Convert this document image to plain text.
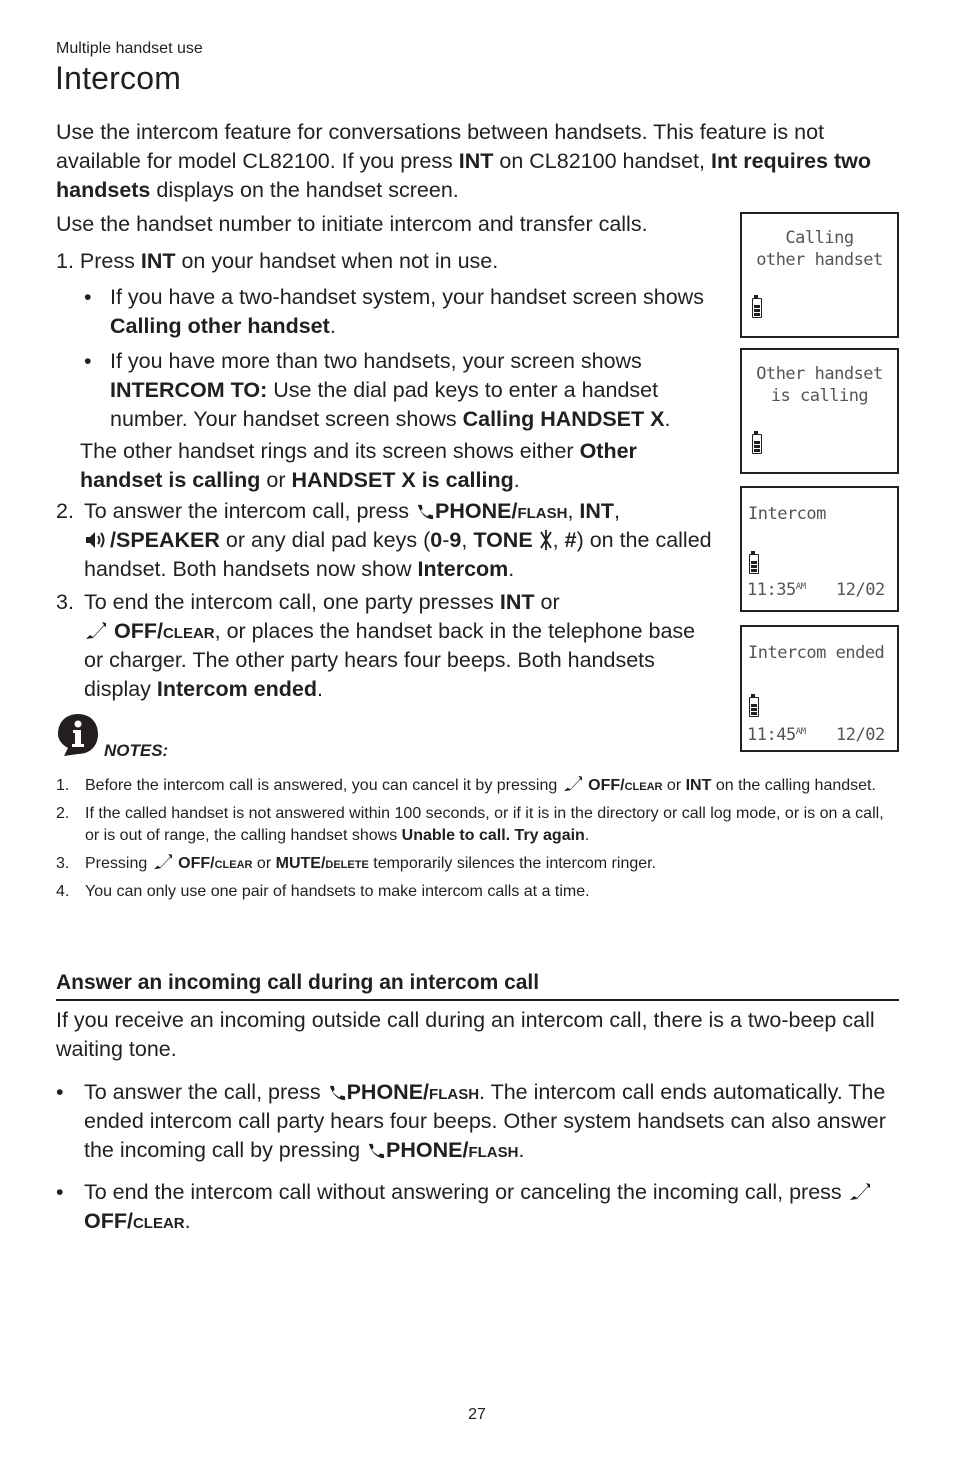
Multiple handset use
Intercom
Use the intercom feature for conversations between handsets. This feature is not available for model CL82100. If you press INT on CL82100 handset, Int requires two handsets displays on the handset screen.
Use the handset number to initiate intercom and transfer calls.
1. Press INT on your handset when not in use.
• If you have a two-handset system, your handset screen shows Calling other handset.
• If you have more than two handsets, your screen shows INTERCOM TO: Use the dial pad keys to enter a handset number. Your handset screen shows Calling HANDSET X.
The other handset rings and its screen shows either Other handset is calling or HANDSET X is calling.
2. To answer the intercom call, press PHONE/flash, INT,
/SPEAKER or any dial pad keys (0-9, TONE , #) on the called handset. Both handsets now show Intercom.
3. To end the intercom call, one party presses INT or
OFF/clear, or places the handset back in the telephone base or charger. The other party hears four beeps. Both handsets display Intercom ended.
Calling
other handset
Other handset
is calling
Intercom
$11:35^{AM}$ 12/02
Intercom ended
$11:45^{AM}$ 12/02
NOTES:
1. Before the intercom call is answered, you can cancel it by pressing  OFF/clear or INT on the calling handset.
2. If the called handset is not answered within 100 seconds, or if it is in the directory or call log mode, or is on a call, or is out of range, the calling handset shows Unable to call. Try again.
3. Pressing  OFF/clear or MUTE/delete temporarily silences the intercom ringer.
4. You can only use one pair of handsets to make intercom calls at a time.
Answer an incoming call during an intercom call
If you receive an incoming outside call during an intercom call, there is a two-beep call waiting tone.
• To answer the call, press PHONE/flash. The intercom call ends automatically. The ended intercom call party hears four beeps. Other system handsets can also answer the incoming call by pressing PHONE/flash.
• To end the intercom call without answering or canceling the incoming call, press  OFF/clear.
27
